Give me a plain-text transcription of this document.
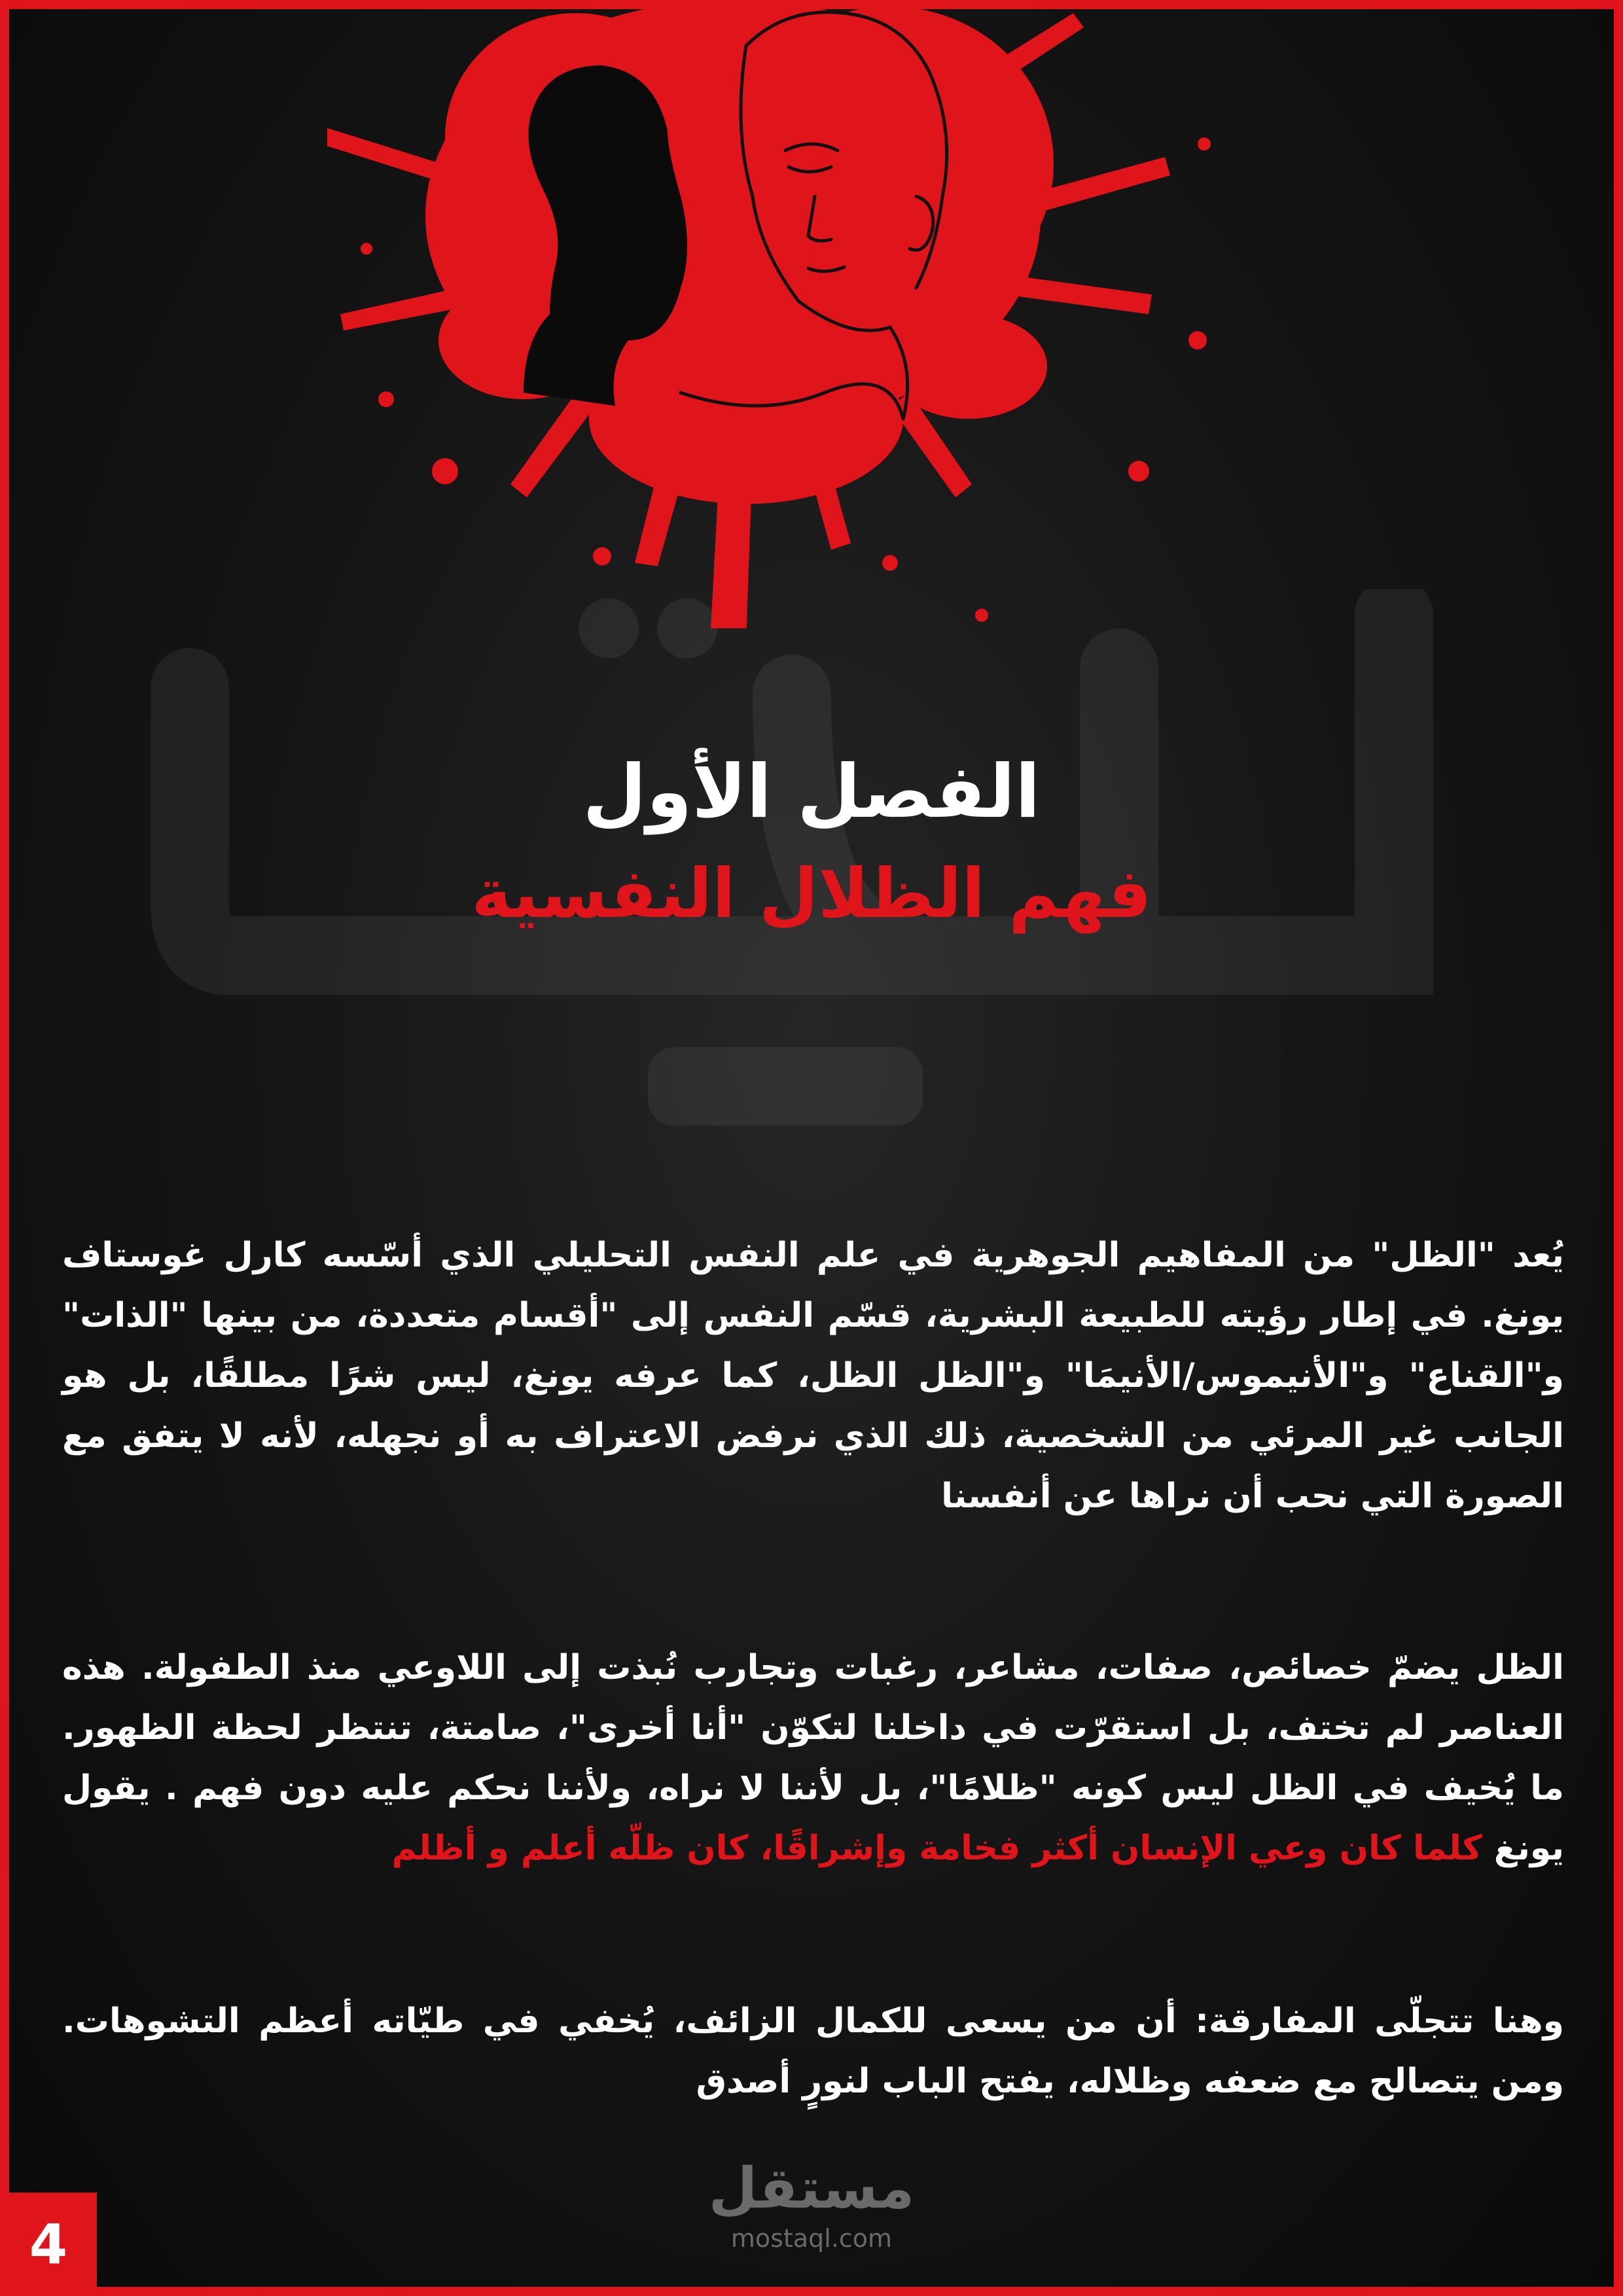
الفصل الأول
فهم الظلال النفسية

يُعد "الظل" من المفاهيم الجوهرية في علم النفس التحليلي الذي أسّسه كارل غوستاف يونغ. في إطار رؤيته للطبيعة البشرية، قسّم النفس إلى "أقسام متعددة، من بينها "الذات" و"القناع" و"الأنيموس/الأنيمَا" و"الظل الظل، كما عرفه يونغ، ليس شرًا مطلقًا، بل هو الجانب غير المرئي من الشخصية، ذلك الذي نرفض الاعتراف به أو نجهله، لأنه لا يتفق مع الصورة التي نحب أن نراها عن أنفسنا

الظل يضمّ خصائص، صفات، مشاعر، رغبات وتجارب نُبذت إلى اللاوعي منذ الطفولة. هذه العناصر لم تختف، بل استقرّت في داخلنا لتكوّن "أنا أخرى"، صامتة، تنتظر لحظة الظهور. ما يُخيف في الظل ليس كونه "ظلامًا"، بل لأننا لا نراه، ولأننا نحكم عليه دون فهم . يقول يونغ كلما كان وعي الإنسان أكثر فخامة وإشراقًا، كان ظلّه أعلم و أظلم

وهنا تتجلّى المفارقة: أن من يسعى للكمال الزائف، يُخفي في طيّاته أعظم التشوهات. ومن يتصالح مع ضعفه وظلاله، يفتح الباب لنورٍ أصدق

مستقل
mostaql.com
4
